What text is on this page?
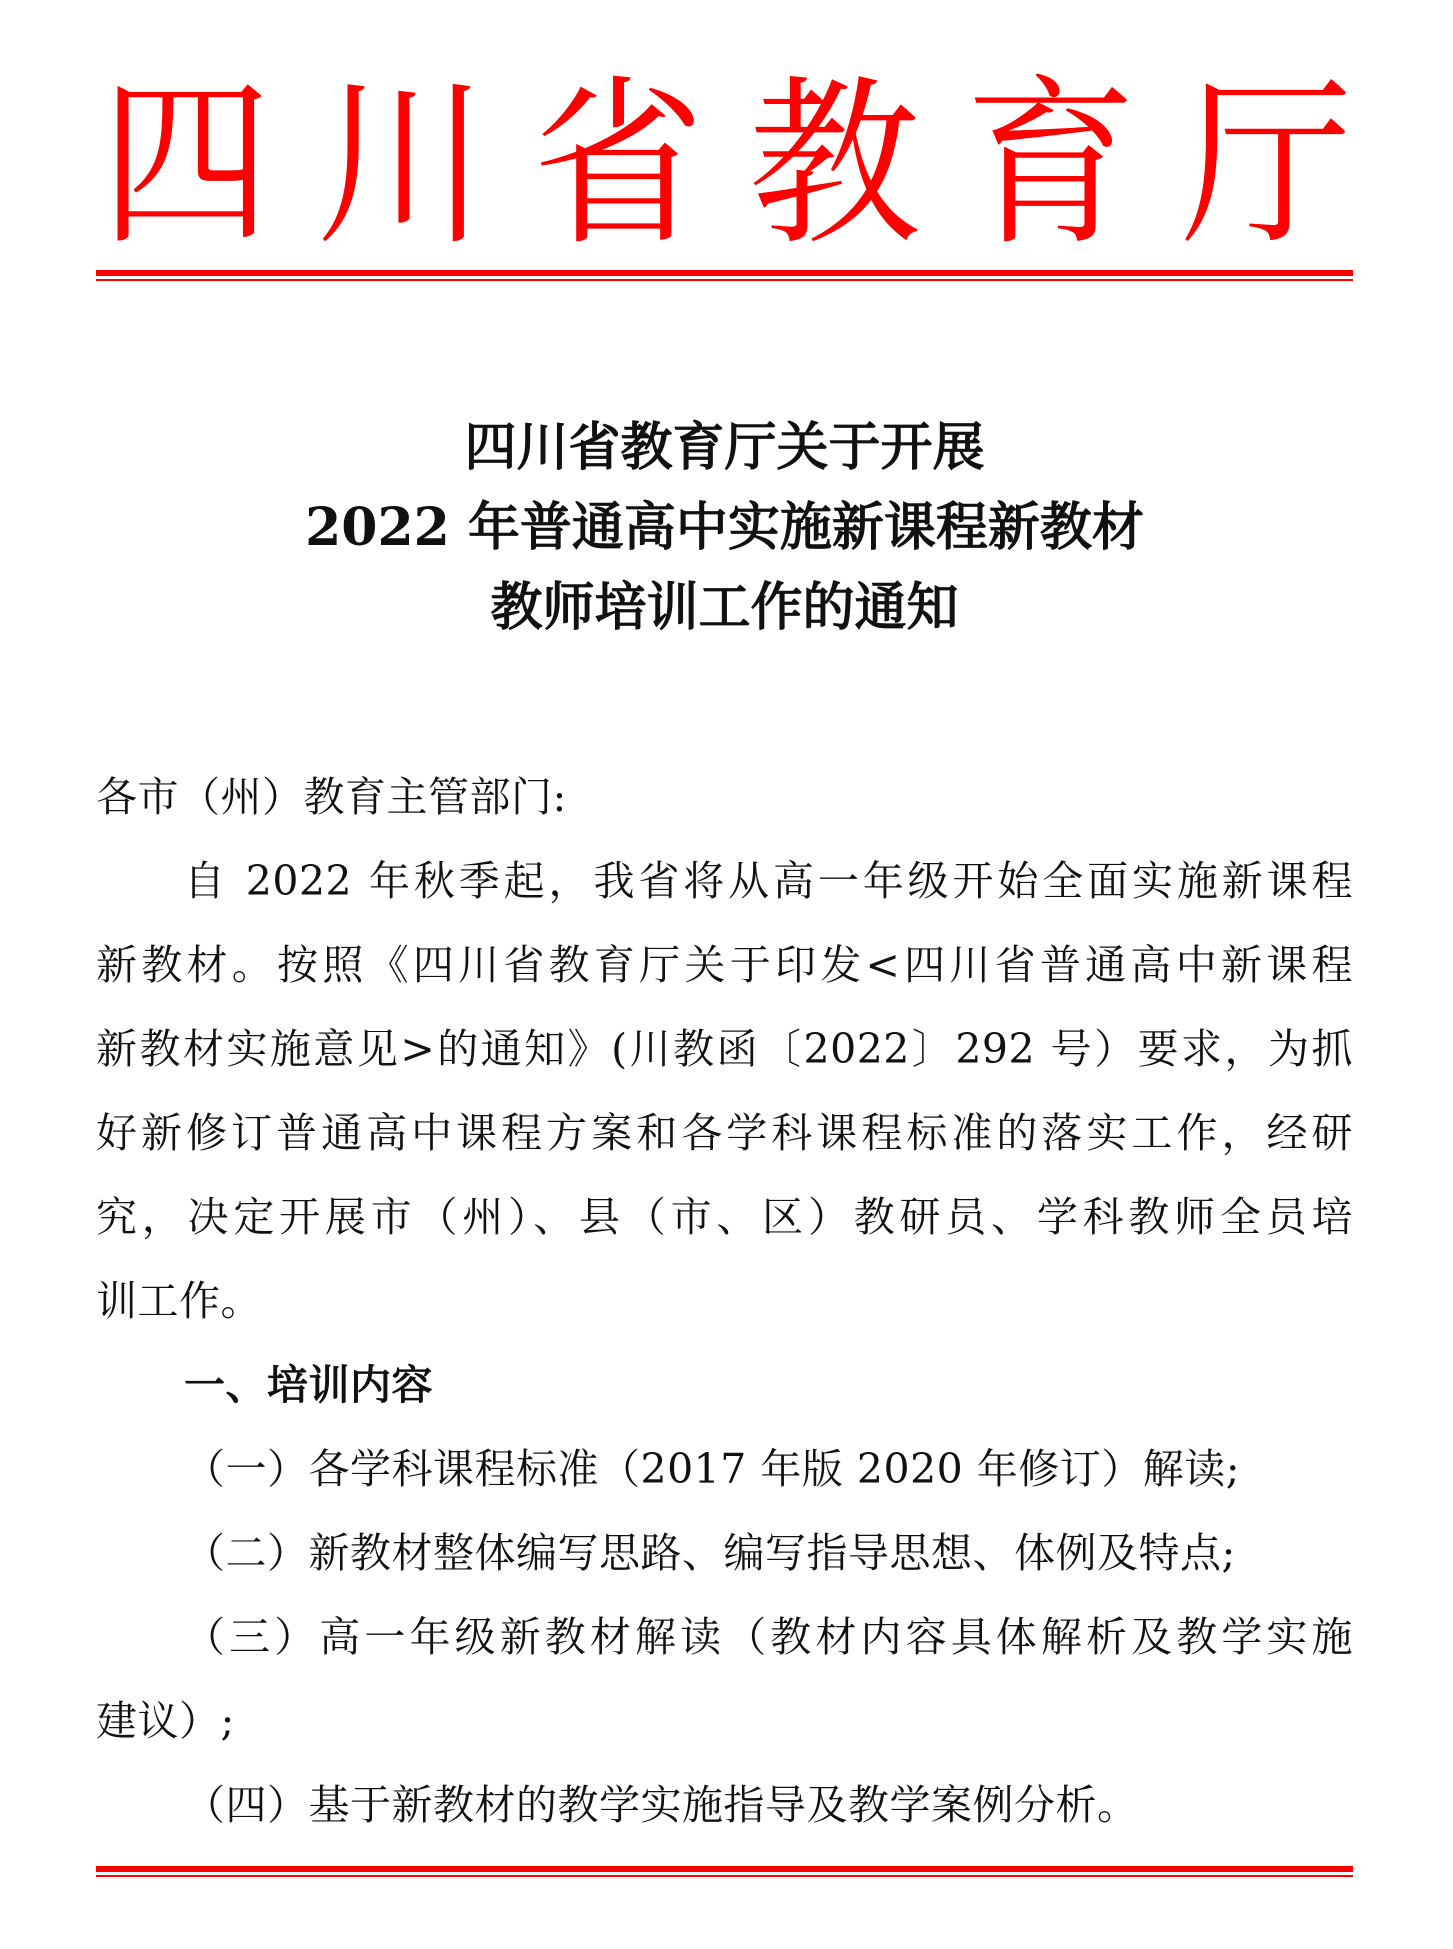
四 川 省 教 育 厅
四川省教育厅关于开展
2022 年普通高中实施新课程新教材
教师培训工作的通知
各市（州）教育主管部门:
自 2022 年秋季起，我省将从高一年级开始全面实施新课程
新教材。按照《四川省教育厅关于印发<四川省普通高中新课程
新教材实施意见>的通知》(川教函〔2022〕292 号）要求，为抓
好新修订普通高中课程方案和各学科课程标准的落实工作，经研
究，决定开展市（州）、县（市、区）教研员、学科教师全员培
训工作。
一、培训内容
（一）各学科课程标准（2017 年版 2020 年修订）解读;
（二）新教材整体编写思路、编写指导思想、体例及特点;
（三）高一年级新教材解读（教材内容具体解析及教学实施
建议）;
（四）基于新教材的教学实施指导及教学案例分析。
